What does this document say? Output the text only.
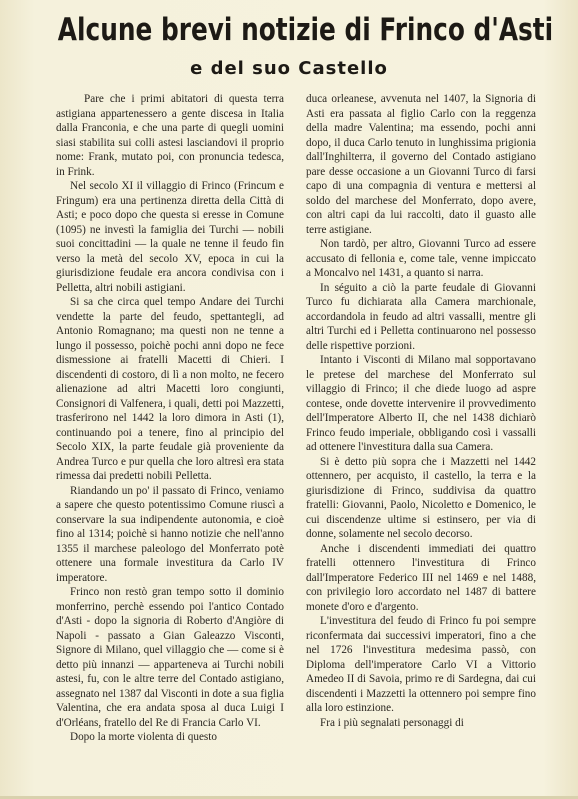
Alcune brevi notizie di Frinco d'Asti
e del suo Castello

Pare che i primi abitatori di questa terra astigiana appartenessero a gente discesa in Italia dalla Franconia, e che una parte di quegli uomini siasi stabilita sui colli astesi lasciandovi il proprio nome: Frank, mutato poi, con pronuncia tedesca, in Frink.

Nel secolo XI il villaggio di Frinco (Frincum e Fringum) era una pertinenza diretta della Città di Asti; e poco dopo che questa si eresse in Comune (1095) ne investì la famiglia dei Turchi — nobili suoi concittadini — la quale ne tenne il feudo fin verso la metà del secolo XV, epoca in cui la giurisdizione feudale era ancora condivisa con i Pelletta, altri nobili astigiani.

Si sa che circa quel tempo Andare dei Turchi vendette la parte del feudo, spettantegli, ad Antonio Romagnano; ma questi non ne tenne a lungo il possesso, poichè pochi anni dopo ne fece dismessione ai fratelli Macetti di Chieri. I discendenti di costoro, di lì a non molto, ne fecero alienazione ad altri Macetti loro congiunti, Consignori di Valfenera, i quali, detti poi Mazzetti, trasferirono nel 1442 la loro dimora in Asti (1), continuando poi a tenere, fino al principio del Secolo XIX, la parte feudale già proveniente da Andrea Turco e pur quella che loro altresì era stata rimessa dai predetti nobili Pelletta.

Riandando un po' il passato di Frinco, veniamo a sapere che questo potentissimo Comune riuscì a conservare la sua indipendente autonomia, e cioè fino al 1314; poichè si hanno notizie che nell'anno 1355 il marchese paleologo del Monferrato potè ottenere una formale investitura da Carlo IV imperatore.

Frinco non restò gran tempo sotto il dominio monferrino, perchè essendo poi l'antico Contado d'Asti - dopo la signoria di Roberto d'Angiòre di Napoli - passato a Gian Galeazzo Visconti, Signore di Milano, quel villaggio che — come si è detto più innanzi — apparteneva ai Turchi nobili astesi, fu, con le altre terre del Contado astigiano, assegnato nel 1387 dal Visconti in dote a sua figlia Valentina, che era andata sposa al duca Luigi I d'Orléans, fratello del Re di Francia Carlo VI.

Dopo la morte violenta di questo

duca orleanese, avvenuta nel 1407, la Signoria di Asti era passata al figlio Carlo con la reggenza della madre Valentina; ma essendo, pochi anni dopo, il duca Carlo tenuto in lunghissima prigionia dall'Inghilterra, il governo del Contado astigiano pare desse occasione a un Giovanni Turco di farsi capo di una compagnia di ventura e mettersi al soldo del marchese del Monferrato, dopo avere, con altri capi da lui raccolti, dato il guasto alle terre astigiane.

Non tardò, per altro, Giovanni Turco ad essere accusato di fellonia e, come tale, venne impiccato a Moncalvo nel 1431, a quanto si narra.

In séguito a ciò la parte feudale di Giovanni Turco fu dichiarata alla Camera marchionale, accordandola in feudo ad altri vassalli, mentre gli altri Turchi ed i Pelletta continuarono nel possesso delle rispettive porzioni.

Intanto i Visconti di Milano mal sopportavano le pretese del marchese del Monferrato sul villaggio di Frinco; il che diede luogo ad aspre contese, onde dovette intervenire il provvedimento dell'Imperatore Alberto II, che nel 1438 dichiarò Frinco feudo imperiale, obbligando così i vassalli ad ottenere l'investitura dalla sua Camera.

Si è detto più sopra che i Mazzetti nel 1442 ottennero, per acquisto, il castello, la terra e la giurisdizione di Frinco, suddivisa da quattro fratelli: Giovanni, Paolo, Nicoletto e Domenico, le cui discendenze ultime si estinsero, per via di donne, solamente nel secolo decorso.

Anche i discendenti immediati dei quattro fratelli ottennero l'investitura di Frinco dall'Imperatore Federico III nel 1469 e nel 1488, con privilegio loro accordato nel 1487 di battere monete d'oro e d'argento.

L'investitura del feudo di Frinco fu poi sempre riconfermata dai successivi imperatori, fino a che nel 1726 l'investitura medesima passò, con Diploma dell'imperatore Carlo VI a Vittorio Amedeo II di Savoia, primo re di Sardegna, dai cui discendenti i Mazzetti la ottennero poi sempre fino alla loro estinzione.

Fra i più segnalati personaggi di
